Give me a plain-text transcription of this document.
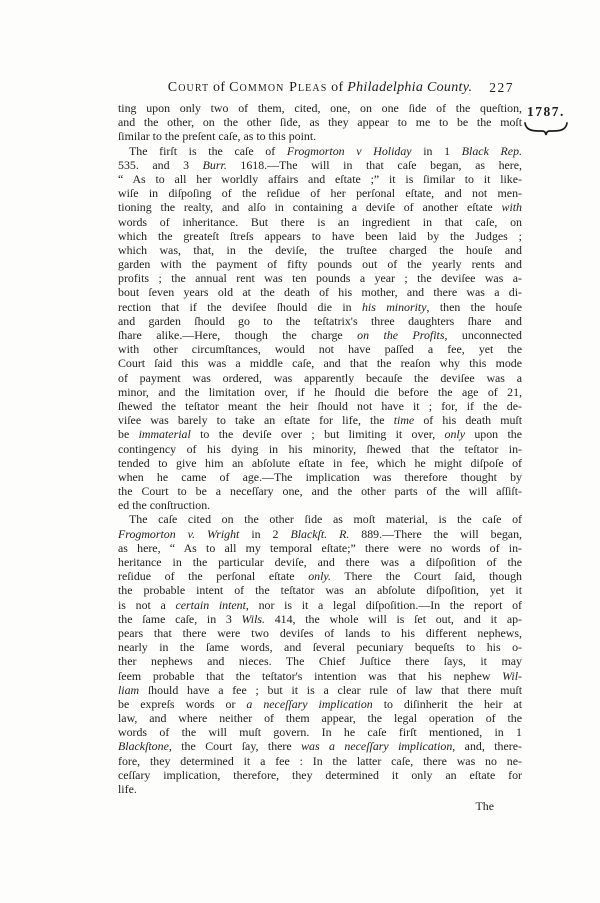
Court of Common Pleas of Philadelphia County. 227
1787.
ting upon only two of them, cited, one, on one ſide of the queſtion,
and the other, on the other ſide, as they appear to me to be the moſt
ſimilar to the preſent caſe, as to this point.
The firſt is the caſe of Frogmorton v Holiday in 1 Black Rep.
535. and 3 Burr. 1618.—The will in that caſe began, as here,
“ As to all her worldly affairs and eſtate ;” it is ſimilar to it like-
wiſe in diſpoſing of the reſidue of her perſonal eſtate, and not men-
tioning the realty, and alſo in containing a deviſe of another eſtate with
words of inheritance. But there is an ingredient in that caſe, on
which the greateſt ſtreſs appears to have been laid by the Judges ;
which was, that, in the deviſe, the truſtee charged the houſe and
garden with the payment of fifty pounds out of the yearly rents and
profits ; the annual rent was ten pounds a year ; the deviſee was a-
bout ſeven years old at the death of his mother, and there was a di-
rection that if the deviſee ſhould die in his minority, then the houſe
and garden ſhould go to the teſtatrix's three daughters ſhare and
ſhare alike.—Here, though the charge on the Profits, unconnected
with other circumſtances, would not have paſſed a fee, yet the
Court ſaid this was a middle caſe, and that the reaſon why this mode
of payment was ordered, was apparently becauſe the deviſee was a
minor, and the limitation over, if he ſhould die before the age of 21,
ſhewed the teſtator meant the heir ſhould not have it ; for, if the de-
viſee was barely to take an eſtate for life, the time of his death muſt
be immaterial to the deviſe over ; but limiting it over, only upon the
contingency of his dying in his minority, ſhewed that the teſtator in-
tended to give him an abſolute eſtate in fee, which he might diſpoſe of
when he came of age.—The implication was therefore thought by
the Court to be a neceſſary one, and the other parts of the will aſſiſt-
ed the conſtruction.
The caſe cited on the other ſide as moſt material, is the caſe of
Frogmorton v. Wright in 2 Blackſt. R. 889.—There the will began,
as here, “ As to all my temporal eſtate;” there were no words of in-
heritance in the particular deviſe, and there was a diſpoſition of the
reſidue of the perſonal eſtate only. There the Court ſaid, though
the probable intent of the teſtator was an abſolute diſpoſition, yet it
is not a certain intent, nor is it a legal diſpoſition.—In the report of
the ſame caſe, in 3 Wils. 414, the whole will is ſet out, and it ap-
pears that there were two deviſes of lands to his different nephews,
nearly in the ſame words, and ſeveral pecuniary bequeſts to his o-
ther nephews and nieces. The Chief Juſtice there ſays, it may
ſeem probable that the teſtator's intention was that his nephew Wil-
liam ſhould have a fee ; but it is a clear rule of law that there muſt
be expreſs words or a neceſſary implication to diſinherit the heir at
law, and where neither of them appear, the legal operation of the
words of the will muſt govern. In he caſe firſt mentioned, in 1
Blackſtone, the Court ſay, there was a neceſſary implication, and, there-
fore, they determined it a fee : In the latter caſe, there was no ne-
ceſſary implication, therefore, they determined it only an eſtate for
life.
The
